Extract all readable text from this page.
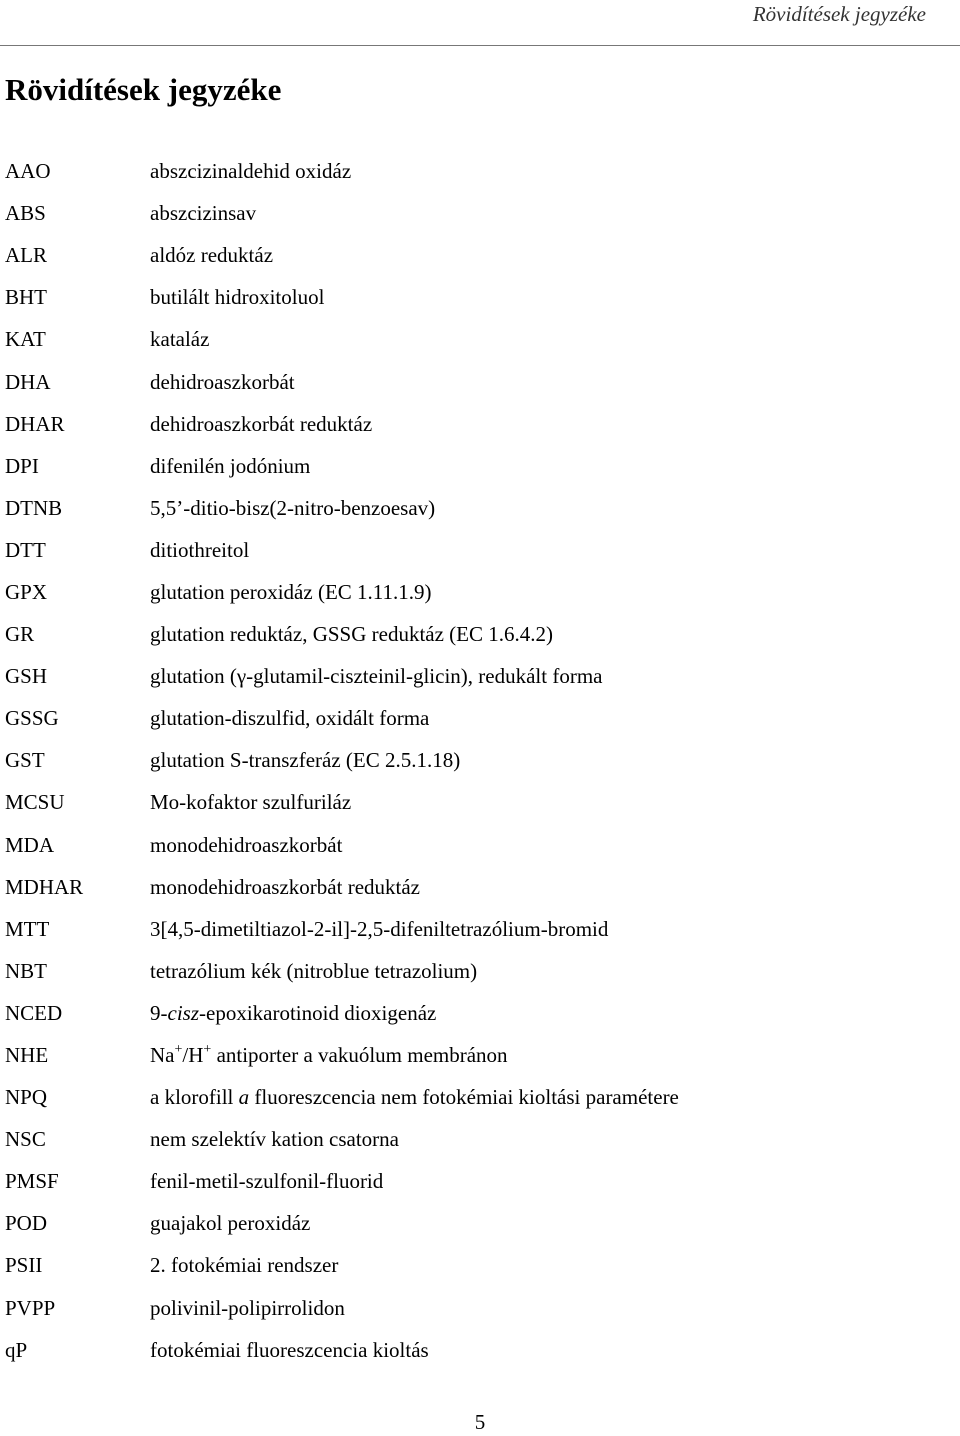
Rövidítések jegyzéke
Rövidítések jegyzéke
AAO	abszcizinaldehid oxidáz
ABS	abszcizinsav
ALR	aldóz reduktáz
BHT	butilált hidroxitoluol
KAT	kataláz
DHA	dehidroaszkorbát
DHAR	dehidroaszkorbát reduktáz
DPI	difenilén jodónium
DTNB	5,5’-ditio-bisz(2-nitro-benzoesav)
DTT	ditiothreitol
GPX	glutation peroxidáz (EC 1.11.1.9)
GR	glutation reduktáz, GSSG reduktáz (EC 1.6.4.2)
GSH	glutation (γ-glutamil-ciszteinil-glicin), redukált forma
GSSG	glutation-diszulfid, oxidált forma
GST	glutation S-transzferáz (EC 2.5.1.18)
MCSU	Mo-kofaktor szulfuriláz
MDA	monodehidroaszkorbát
MDHAR	monodehidroaszkorbát reduktáz
MTT	3[4,5-dimetiltiazol-2-il]-2,5-difeniltetrazólium-bromid
NBT	tetrazólium kék (nitroblue tetrazolium)
NCED	9-cisz-epoxikarotinoid dioxigenáz
NHE	Na+/H+ antiporter a vakuólum membránon
NPQ	a klorofill a fluoreszcencia nem fotokémiai kioltási paramétere
NSC	nem szelektív kation csatorna
PMSF	fenil-metil-szulfonil-fluorid
POD	guajakol peroxidáz
PSII	2. fotokémiai rendszer
PVPP	polivinil-polipirrolidon
qP	fotokémiai fluoreszcencia kioltás
5
